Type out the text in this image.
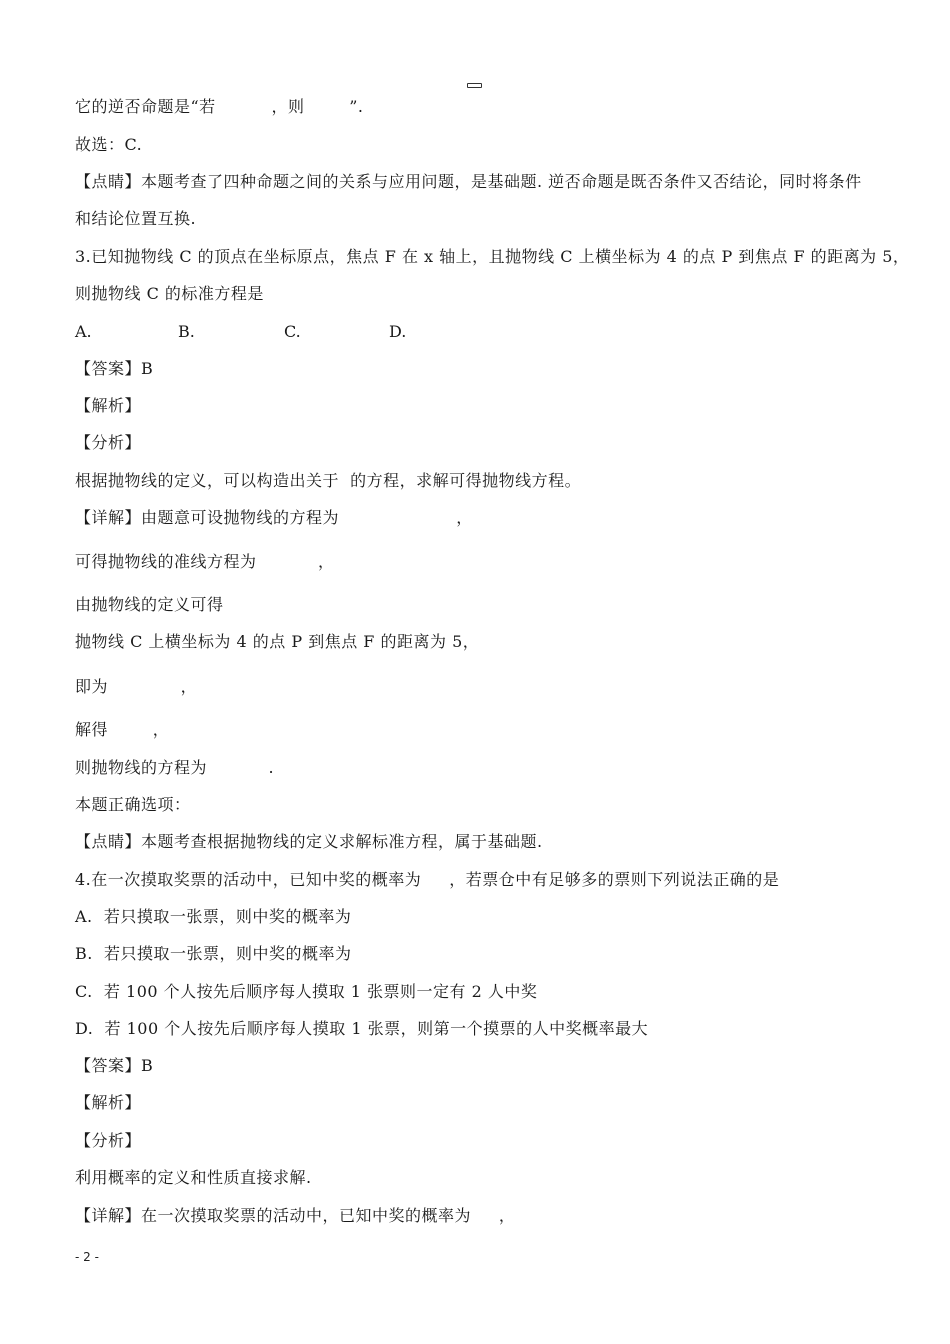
它的逆否命题是“若          ，则        ”.
故选：C.
【点睛】本题考查了四种命题之间的关系与应用问题，是基础题. 逆否命题是既否条件又否结论，同时将条件
和结论位置互换.
3.已知抛物线 C 的顶点在坐标原点，焦点 F 在 x 轴上，且抛物线 C 上横坐标为 4 的点 P 到焦点 F 的距离为 5，
则抛物线 C 的标准方程是
A.	B.	C.	D.
【答案】B
【解析】
【分析】
根据抛物线的定义，可以构造出关于  的方程，求解可得抛物线方程。
【详解】由题意可设抛物线的方程为                     ，
可得抛物线的准线方程为           ，
由抛物线的定义可得
抛物线 C 上横坐标为 4 的点 P 到焦点 F 的距离为 5，
即为             ，
解得        ，
则抛物线的方程为           .
本题正确选项：
【点睛】本题考查根据抛物线的定义求解标准方程，属于基础题.
4.在一次摸取奖票的活动中，已知中奖的概率为     ，若票仓中有足够多的票则下列说法正确的是
A.  若只摸取一张票，则中奖的概率为
B.  若只摸取一张票，则中奖的概率为
C.  若 100 个人按先后顺序每人摸取 1 张票则一定有 2 人中奖
D.  若 100 个人按先后顺序每人摸取 1 张票，则第一个摸票的人中奖概率最大
【答案】B
【解析】
【分析】
利用概率的定义和性质直接求解.
【详解】在一次摸取奖票的活动中，已知中奖的概率为     ，
- 2 -
